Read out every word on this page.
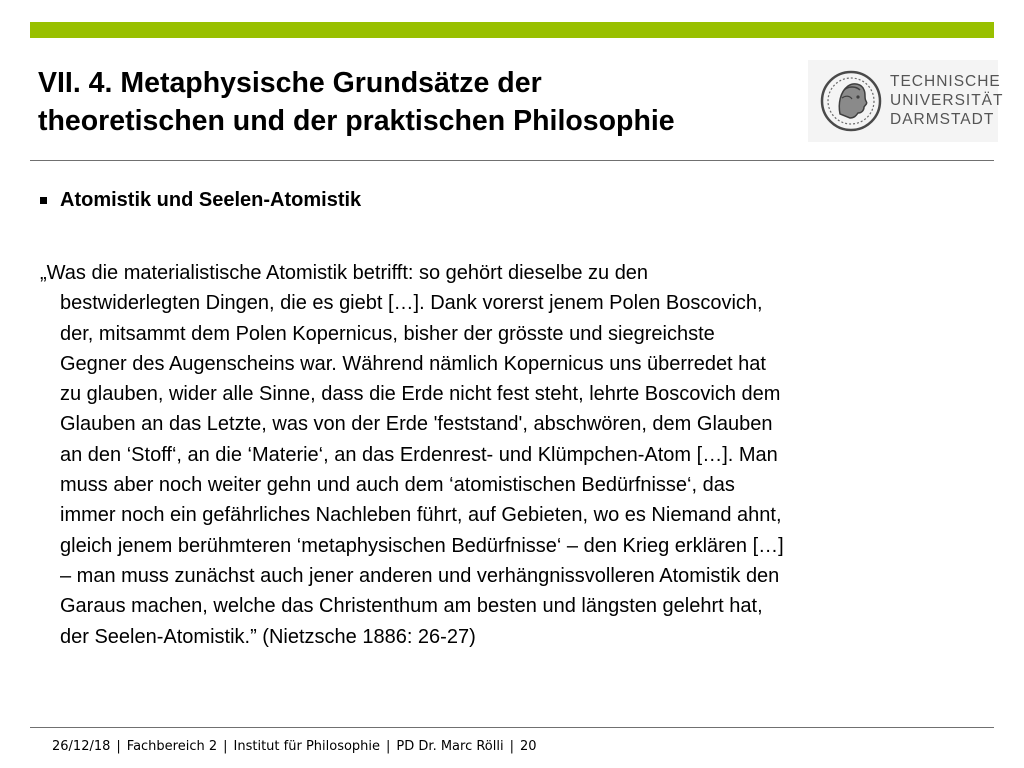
VII. 4. Metaphysische Grundsätze der
theoretischen und der praktischen Philosophie
TECHNISCHE
UNIVERSITÄT
DARMSTADT
Atomistik und Seelen-Atomistik
„Was die materialistische Atomistik betrifft: so gehört dieselbe zu den
bestwiderlegten Dingen, die es giebt […]. Dank vorerst jenem Polen Boscovich,
der, mitsammt dem Polen Kopernicus, bisher der grösste und siegreichste
Gegner des Augenscheins war. Während nämlich Kopernicus uns überredet hat
zu glauben, wider alle Sinne, dass die Erde nicht fest steht, lehrte Boscovich dem
Glauben an das Letzte, was von der Erde 'feststand', abschwören, dem Glauben
an den ‘Stoff‘, an die ‘Materie‘, an das Erdenrest- und Klümpchen-Atom […]. Man
muss aber noch weiter gehn und auch dem ‘atomistischen Bedürfnisse‘, das
immer noch ein gefährliches Nachleben führt, auf Gebieten, wo es Niemand ahnt,
gleich jenem berühmteren ‘metaphysischen Bedürfnisse‘ – den Krieg erklären […]
– man muss zunächst auch jener anderen und verhängnissvolleren Atomistik den
Garaus machen, welche das Christenthum am besten und längsten gelehrt hat,
der Seelen-Atomistik.” (Nietzsche 1886: 26-27)
26/12/18 | Fachbereich 2 | Institut für Philosophie | PD Dr. Marc Rölli | 20
